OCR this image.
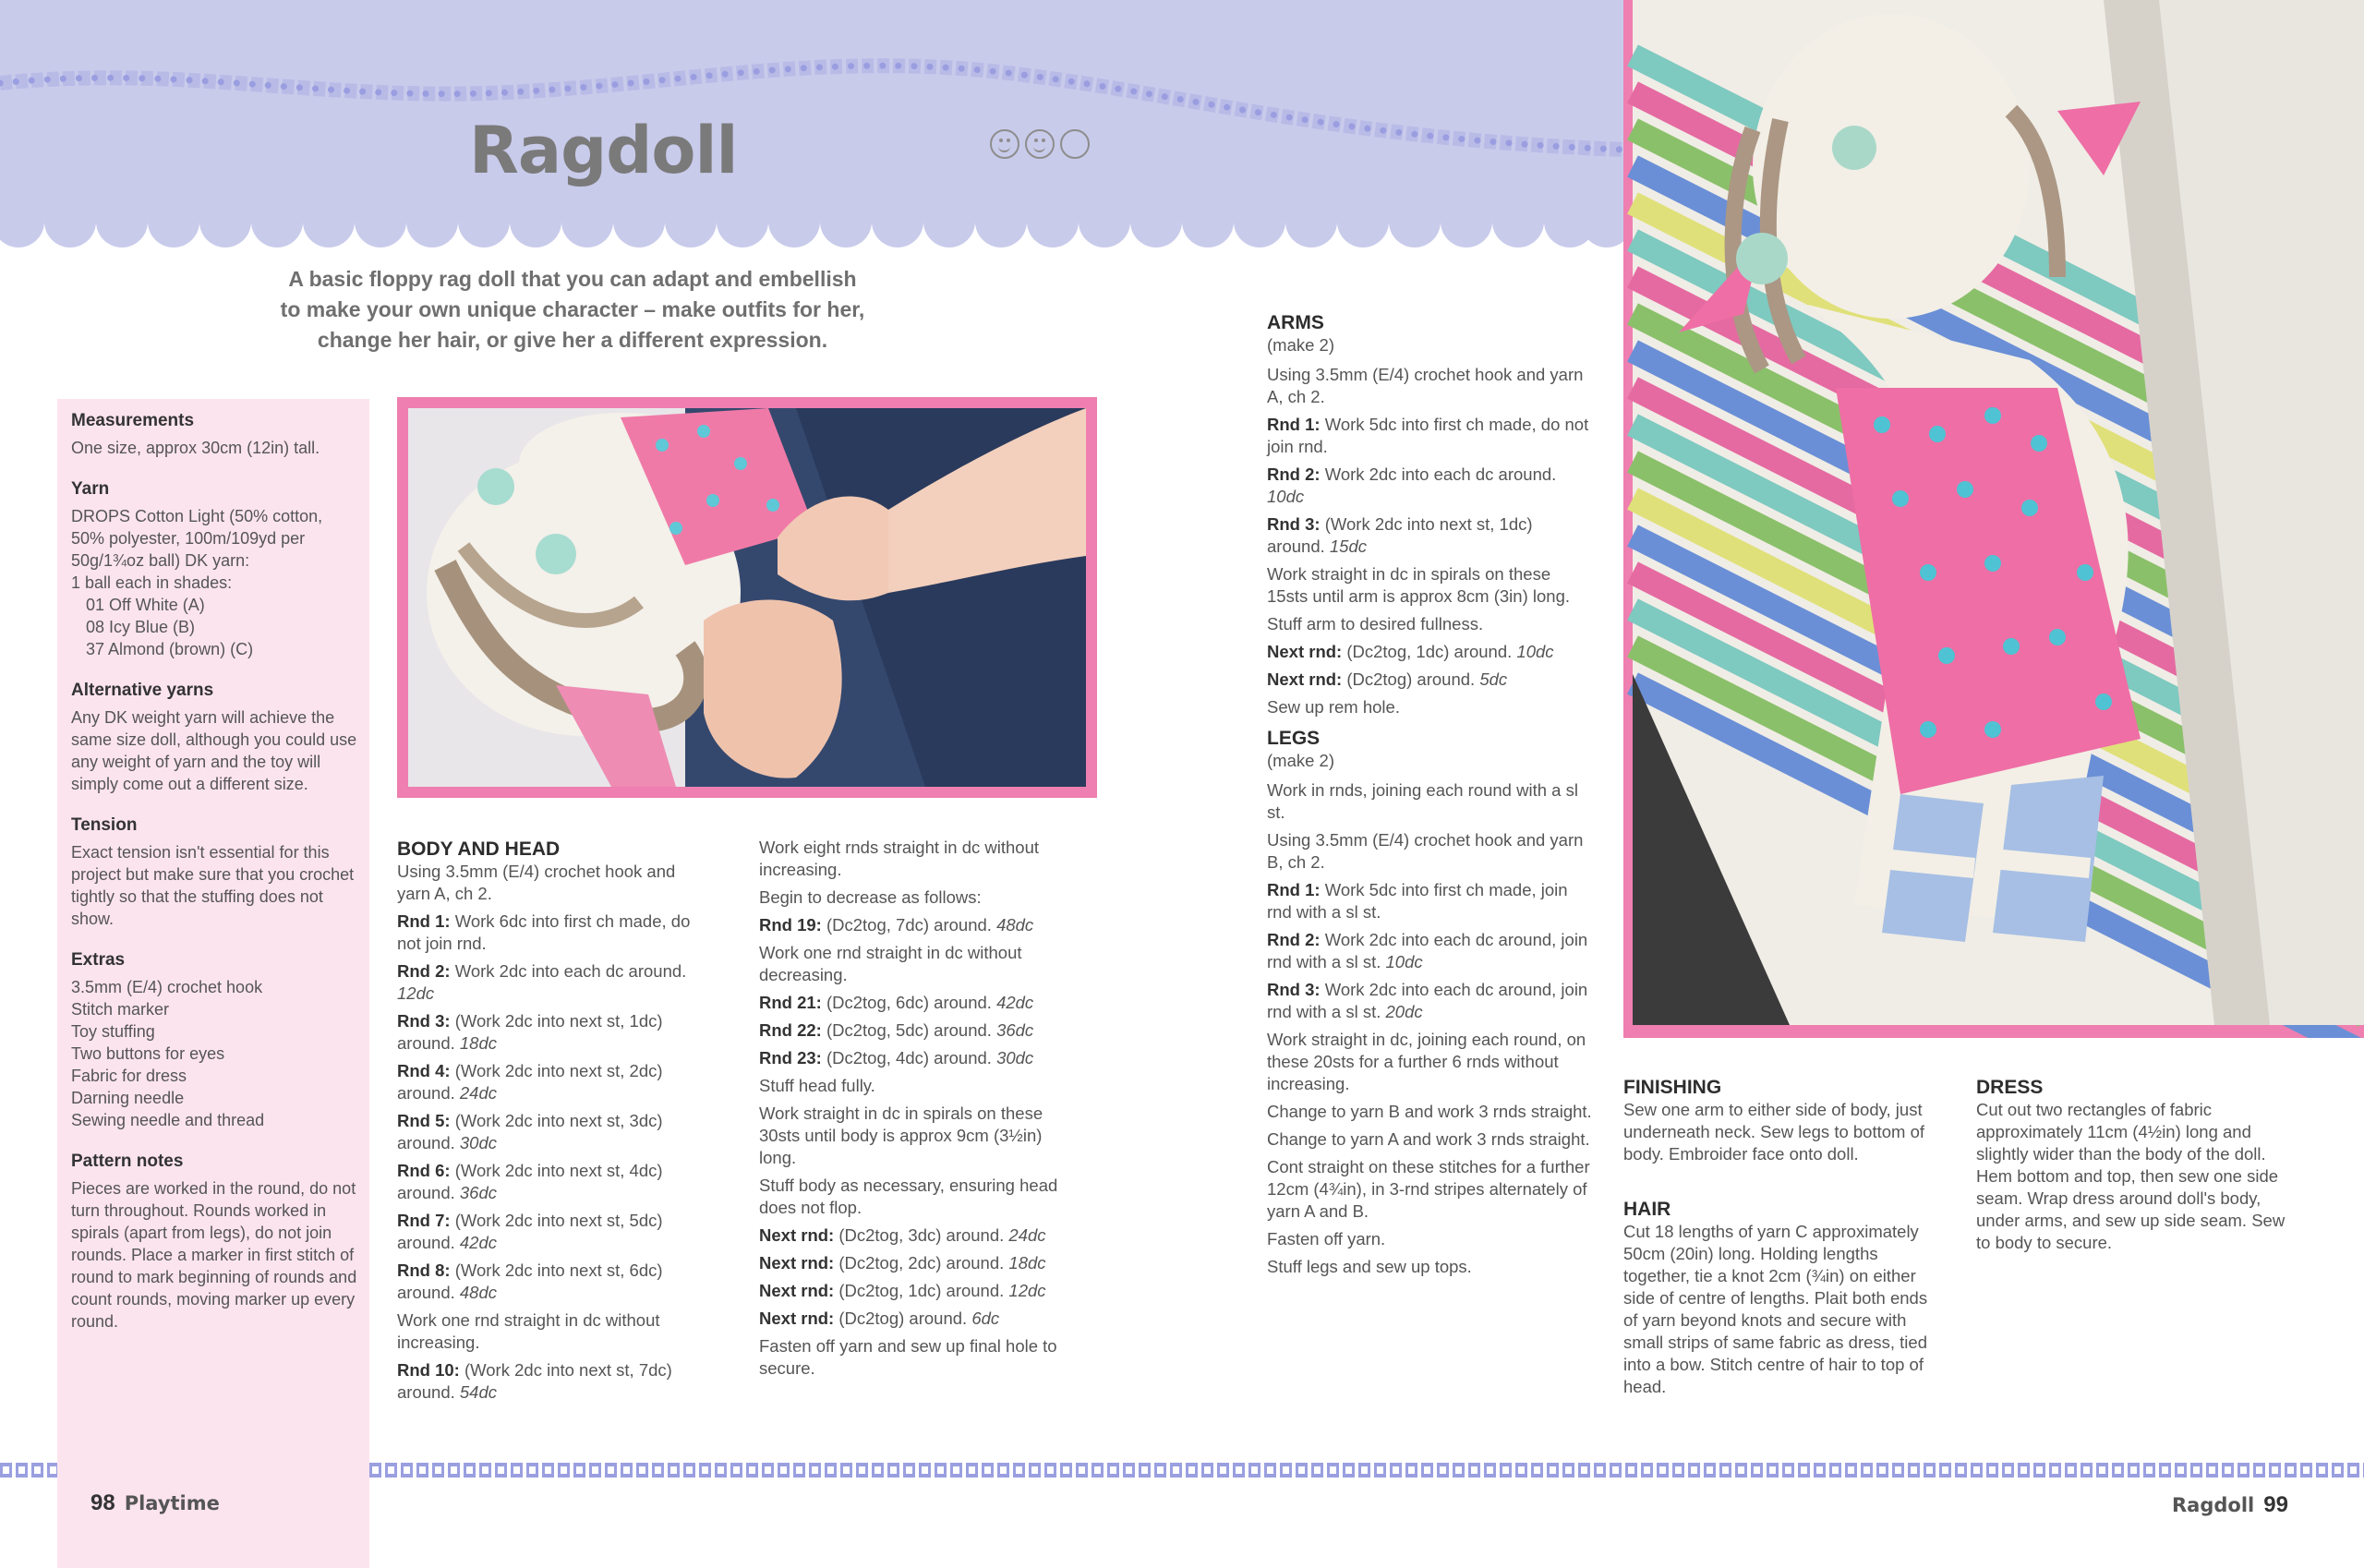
Ragdoll
A basic floppy rag doll that you can adapt and embellish to make your own unique character – make outfits for her, change her hair, or give her a different expression.
Measurements
One size, approx 30cm (12in) tall.
Yarn
DROPS Cotton Light (50% cotton,
50% polyester, 100m/109yd per
50g/1¾oz ball) DK yarn:
1 ball each in shades:
01 Off White (A)
08 Icy Blue (B)
37 Almond (brown) (C)
Alternative yarns
Any DK weight yarn will achieve the same size doll, although you could use any weight of yarn and the toy will simply come out a different size.
Tension
Exact tension isn't essential for this project but make sure that you crochet tightly so that the stuffing does not show.
Extras
3.5mm (E/4) crochet hook
Stitch marker
Toy stuffing
Two buttons for eyes
Fabric for dress
Darning needle
Sewing needle and thread
Pattern notes
Pieces are worked in the round, do not turn throughout. Rounds worked in spirals (apart from legs), do not join rounds. Place a marker in first stitch of round to mark beginning of rounds and count rounds, moving marker up every round.
BODY AND HEAD

Using 3.5mm (E/4) crochet hook and yarn A, ch 2.

Rnd 1: Work 6dc into first ch made, do not join rnd.

Rnd 2: Work 2dc into each dc around. 12dc

Rnd 3: (Work 2dc into next st, 1dc) around. 18dc

Rnd 4: (Work 2dc into next st, 2dc) around. 24dc

Rnd 5: (Work 2dc into next st, 3dc) around. 30dc

Rnd 6: (Work 2dc into next st, 4dc) around. 36dc

Rnd 7: (Work 2dc into next st, 5dc) around. 42dc

Rnd 8: (Work 2dc into next st, 6dc) around. 48dc

Work one rnd straight in dc without increasing.

Rnd 10: (Work 2dc into next st, 7dc) around. 54dc

Work eight rnds straight in dc without increasing.

Begin to decrease as follows:

Rnd 19: (Dc2tog, 7dc) around. 48dc

Work one rnd straight in dc without decreasing.

Rnd 21: (Dc2tog, 6dc) around. 42dc

Rnd 22: (Dc2tog, 5dc) around. 36dc

Rnd 23: (Dc2tog, 4dc) around. 30dc

Stuff head fully.

Work straight in dc in spirals on these 30sts until body is approx 9cm (3½in) long.

Stuff body as necessary, ensuring head does not flop.

Next rnd: (Dc2tog, 3dc) around. 24dc

Next rnd: (Dc2tog, 2dc) around. 18dc

Next rnd: (Dc2tog, 1dc) around. 12dc

Next rnd: (Dc2tog) around. 6dc

Fasten off yarn and sew up final hole to secure.

ARMS
(make 2)

Using 3.5mm (E/4) crochet hook and yarn A, ch 2.

Rnd 1: Work 5dc into first ch made, do not join rnd.

Rnd 2: Work 2dc into each dc around. 10dc

Rnd 3: (Work 2dc into next st, 1dc) around. 15dc

Work straight in dc in spirals on these 15sts until arm is approx 8cm (3in) long.

Stuff arm to desired fullness.

Next rnd: (Dc2tog, 1dc) around. 10dc

Next rnd: (Dc2tog) around. 5dc

Sew up rem hole.

LEGS
(make 2)

Work in rnds, joining each round with a sl st.

Using 3.5mm (E/4) crochet hook and yarn B, ch 2.

Rnd 1: Work 5dc into first ch made, join rnd with a sl st.

Rnd 2: Work 2dc into each dc around, join rnd with a sl st. 10dc

Rnd 3: Work 2dc into each dc around, join rnd with a sl st. 20dc

Work straight in dc, joining each round, on these 20sts for a further 6 rnds without increasing.

Change to yarn B and work 3 rnds straight.

Change to yarn A and work 3 rnds straight.

Cont straight on these stitches for a further 12cm (4¾in), in 3-rnd stripes alternately of yarn A and B.

Fasten off yarn.

Stuff legs and sew up tops.

FINISHING

Sew one arm to either side of body, just underneath neck. Sew legs to bottom of body. Embroider face onto doll.

HAIR

Cut 18 lengths of yarn C approximately 50cm (20in) long. Holding lengths together, tie a knot 2cm (¾in) on either side of centre of lengths. Plait both ends of yarn beyond knots and secure with small strips of same fabric as dress, tied into a bow. Stitch centre of hair to top of head.

DRESS

Cut out two rectangles of fabric approximately 11cm (4½in) long and slightly wider than the body of the doll. Hem bottom and top, then sew one side seam. Wrap dress around doll's body, under arms, and sew up side seam. Sew to body to secure.

98 Playtime	Ragdoll 99
